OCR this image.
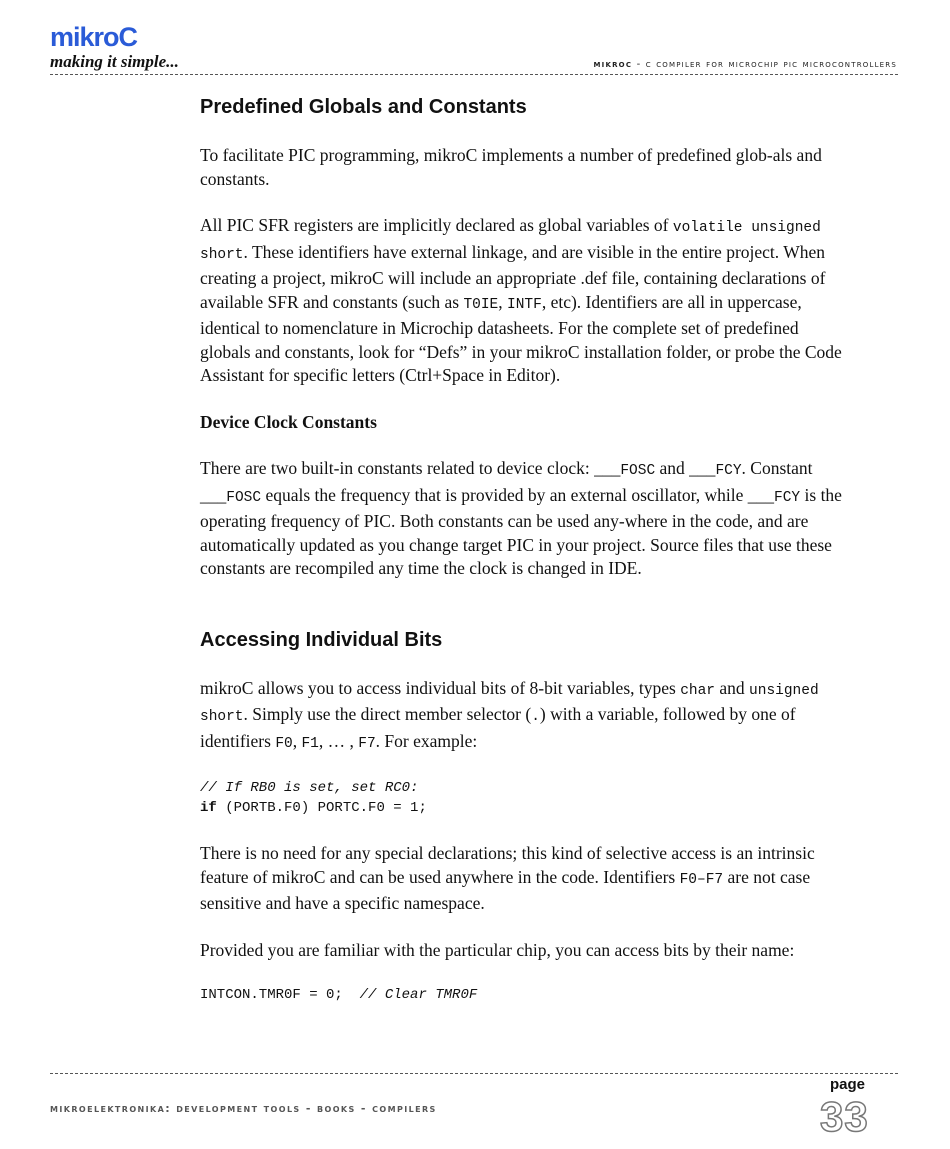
mikroC
making it simple...	mikroc - c compiler for microchip pic microcontrollers
Predefined Globals and Constants

To facilitate PIC programming, mikroC implements a number of predefined glob-als and constants.

All PIC SFR registers are implicitly declared as global variables of volatile unsigned short. These identifiers have external linkage, and are visible in the entire project. When creating a project, mikroC will include an appropriate .def file, containing declarations of available SFR and constants (such as T0IE, INTF, etc). Identifiers are all in uppercase, identical to nomenclature in Microchip datasheets. For the complete set of predefined globals and constants, look for “Defs” in your mikroC installation folder, or probe the Code Assistant for specific letters (Ctrl+Space in Editor).

Device Clock Constants

There are two built-in constants related to device clock: ___FOSC and ___FCY. Constant ___FOSC equals the frequency that is provided by an external oscillator, while ___FCY is the operating frequency of PIC. Both constants can be used any-where in the code, and are automatically updated as you change target PIC in your project. Source files that use these constants are recompiled any time the clock is changed in IDE.

Accessing Individual Bits

mikroC allows you to access individual bits of 8-bit variables, types char and unsigned short. Simply use the direct member selector (.) with a variable, followed by one of identifiers F0, F1, … , F7. For example:

// If RB0 is set, set RC0:
if (PORTB.F0) PORTC.F0 = 1;

There is no need for any special declarations; this kind of selective access is an intrinsic feature of mikroC and can be used anywhere in the code. Identifiers F0–F7 are not case sensitive and have a specific namespace.

Provided you are familiar with the particular chip, you can access bits by their name:

INTCON.TMR0F = 0;  // Clear TMR0F
mikroelektronika: development tools - books - compilers
page
33
